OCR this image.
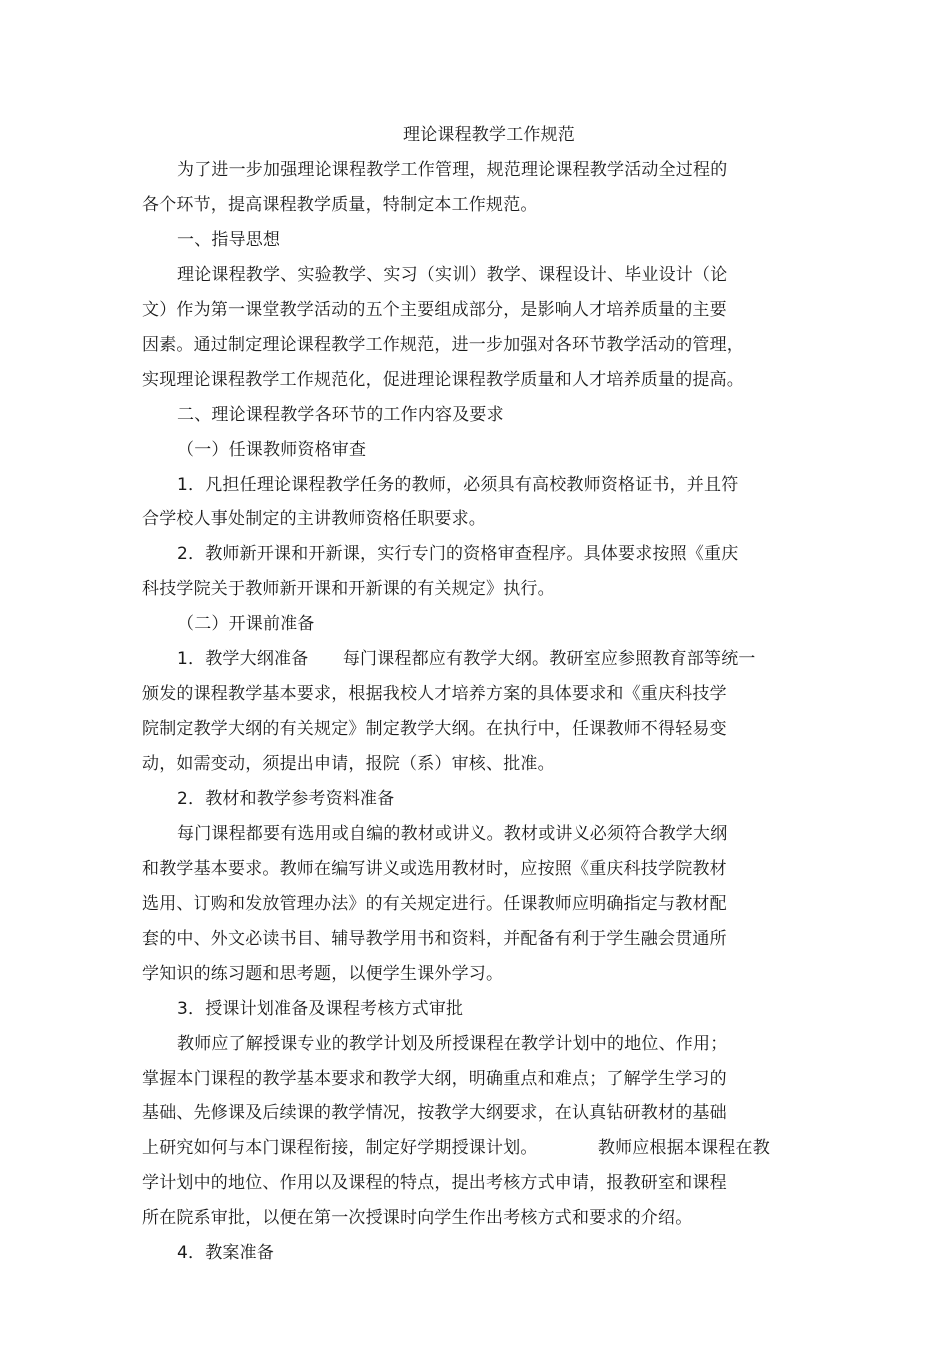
理论课程教学工作规范
为了进一步加强理论课程教学工作管理，规范理论课程教学活动全过程的
各个环节，提高课程教学质量，特制定本工作规范。
一、指导思想
理论课程教学、实验教学、实习（实训）教学、课程设计、毕业设计（论
文）作为第一课堂教学活动的五个主要组成部分，是影响人才培养质量的主要
因素。通过制定理论课程教学工作规范，进一步加强对各环节教学活动的管理，
实现理论课程教学工作规范化，促进理论课程教学质量和人才培养质量的提高。
二、理论课程教学各环节的工作内容及要求
（一）任课教师资格审查
1．凡担任理论课程教学任务的教师，必须具有高校教师资格证书，并且符
合学校人事处制定的主讲教师资格任职要求。
2．教师新开课和开新课，实行专门的资格审查程序。具体要求按照《重庆
科技学院关于教师新开课和开新课的有关规定》执行。
（二）开课前准备
1．教学大纲准备　　每门课程都应有教学大纲。教研室应参照教育部等统一
颁发的课程教学基本要求，根据我校人才培养方案的具体要求和《重庆科技学
院制定教学大纲的有关规定》制定教学大纲。在执行中，任课教师不得轻易变
动，如需变动，须提出申请，报院（系）审核、批准。
2．教材和教学参考资料准备
每门课程都要有选用或自编的教材或讲义。教材或讲义必须符合教学大纲
和教学基本要求。教师在编写讲义或选用教材时，应按照《重庆科技学院教材
选用、订购和发放管理办法》的有关规定进行。任课教师应明确指定与教材配
套的中、外文必读书目、辅导教学用书和资料，并配备有利于学生融会贯通所
学知识的练习题和思考题，以便学生课外学习。
3．授课计划准备及课程考核方式审批
教师应了解授课专业的教学计划及所授课程在教学计划中的地位、作用；
掌握本门课程的教学基本要求和教学大纲，明确重点和难点；了解学生学习的
基础、先修课及后续课的教学情况，按教学大纲要求，在认真钻研教材的基础
上研究如何与本门课程衔接，制定好学期授课计划。　　　　教师应根据本课程在教
学计划中的地位、作用以及课程的特点，提出考核方式申请，报教研室和课程
所在院系审批，以便在第一次授课时向学生作出考核方式和要求的介绍。
4．教案准备
